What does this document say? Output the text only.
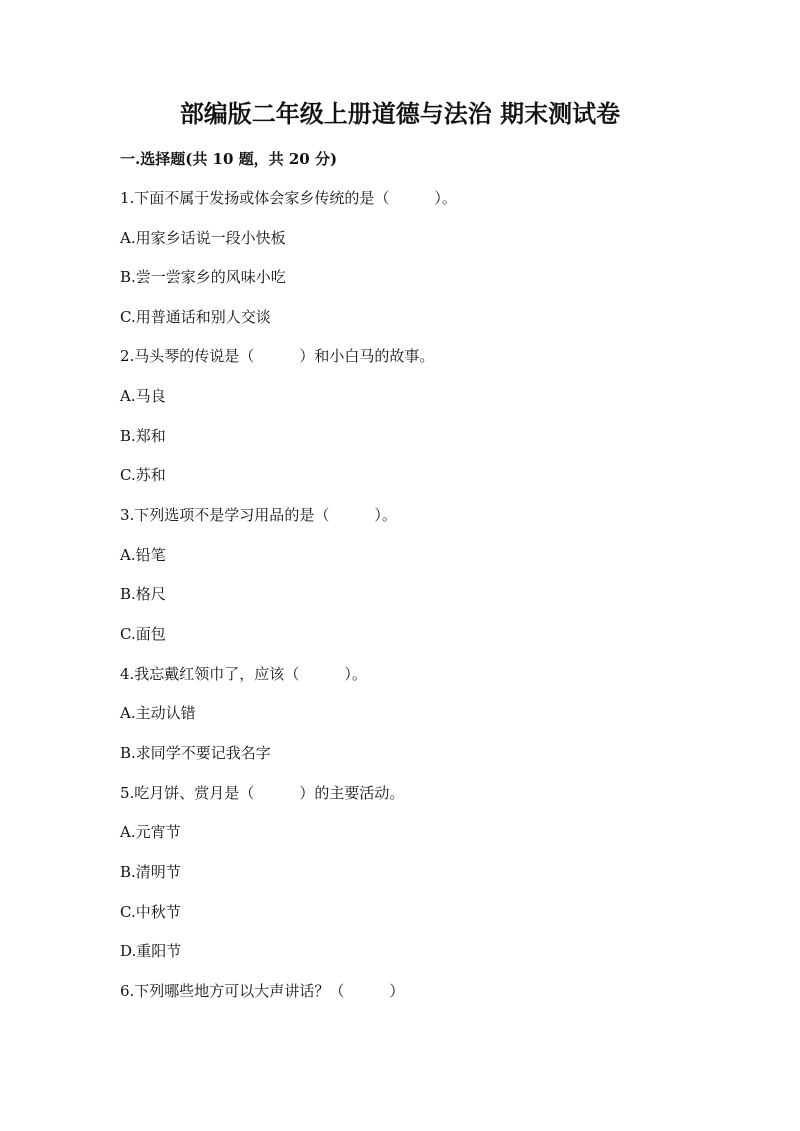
部编版二年级上册道德与法治 期末测试卷
一.选择题(共 10 题，共 20 分)
1.下面不属于发扬或体会家乡传统的是（　　　）。
A.用家乡话说一段小快板
B.尝一尝家乡的风味小吃
C.用普通话和别人交谈
2.马头琴的传说是（　　　）和小白马的故事。
A.马良
B.郑和
C.苏和
3.下列选项不是学习用品的是（　　　）。
A.铅笔
B.格尺
C.面包
4.我忘戴红领巾了，应该（　　　）。
A.主动认错
B.求同学不要记我名字
5.吃月饼、赏月是（　　　）的主要活动。
A.元宵节
B.清明节
C.中秋节
D.重阳节
6.下列哪些地方可以大声讲话？（　　　）
